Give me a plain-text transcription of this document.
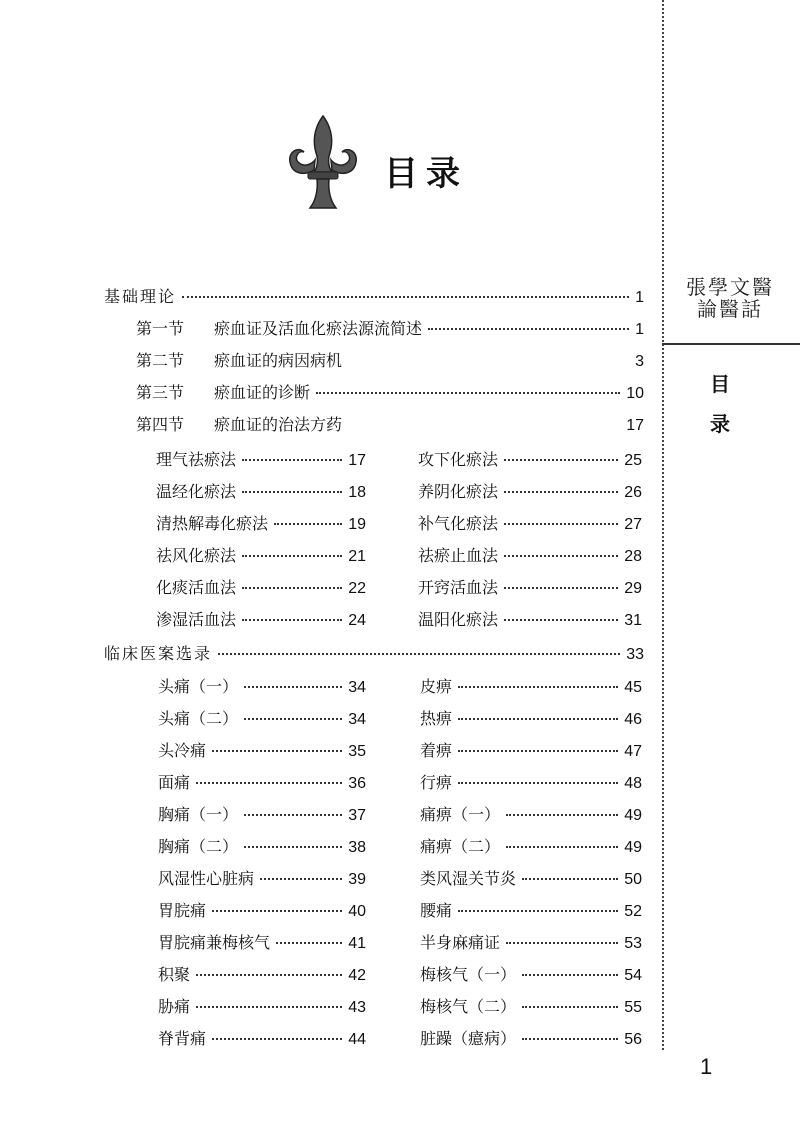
目录
張學文醫論醫話
目
录
基础理论	1
第一节 瘀血证及活血化瘀法源流简述	1
第二节 瘀血证的病因病机	3
第三节 瘀血证的诊断	10
第四节 瘀血证的治法方药	17
理气祛瘀法	17
温经化瘀法	18
清热解毒化瘀法	19
祛风化瘀法	21
化痰活血法	22
渗湿活血法	24
攻下化瘀法	25
养阴化瘀法	26
补气化瘀法	27
祛瘀止血法	28
开窍活血法	29
温阳化瘀法	31
临床医案选录	33
头痛（一）	34
头痛（二）	34
头冷痛	35
面痛	36
胸痛（一）	37
胸痛（二）	38
风湿性心脏病	39
胃脘痛	40
胃脘痛兼梅核气	41
积聚	42
胁痛	43
脊背痛	44
皮痹	45
热痹	46
着痹	47
行痹	48
痛痹（一）	49
痛痹（二）	49
类风湿关节炎	50
腰痛	52
半身麻痛证	53
梅核气（一）	54
梅核气（二）	55
脏躁（癔病）	56
1
